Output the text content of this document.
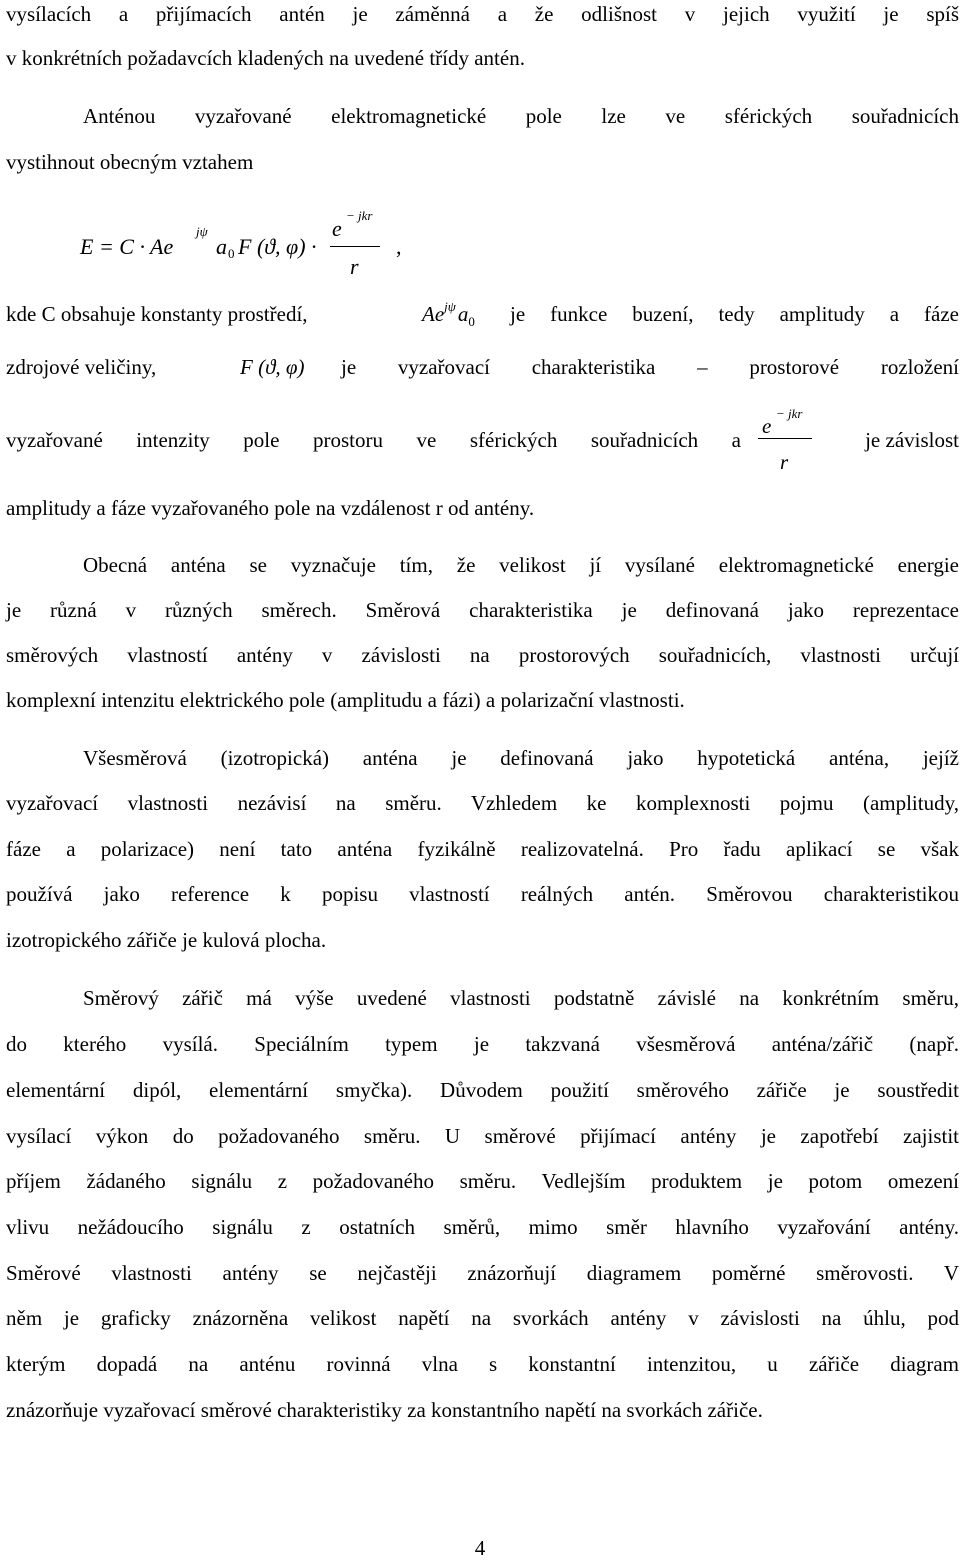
vysílacích a přijímacích antén je záměnná a že odlišnost v jejich využití je spíš
v konkrétních požadavcích kladených na uvedené třídy antén.
Anténou vyzařované elektromagnetické pole lze ve sférických souřadnicích
vystihnout obecným vztahem
E = C · Ae
jψ
a 0 F (ϑ, φ) ·
e
− jkr
r
,
kde C obsahuje konstanty prostředí,	$Ae^{j\psi}a_0$ je funkce buzení, tedy amplitudy a fáze
zdrojové veličiny,	F (ϑ, φ) je vyzařovací charakteristika – prostorové rozložení
vyzařované intenzity pole prostoru ve sférických souřadnicích a
e
− jkr
r
je závislost
amplitudy a fáze vyzařovaného pole na vzdálenost r od antény.
Obecná anténa se vyznačuje tím, že velikost jí vysílané elektromagnetické energie
je různá v různých směrech. Směrová charakteristika je definovaná jako reprezentace
směrových vlastností antény v závislosti na prostorových souřadnicích, vlastnosti určují
komplexní intenzitu elektrického pole (amplitudu a fázi) a polarizační vlastnosti.
Všesměrová (izotropická) anténa je definovaná jako hypotetická anténa, jejíž
vyzařovací vlastnosti nezávisí na směru. Vzhledem ke komplexnosti pojmu (amplitudy,
fáze a polarizace) není tato anténa fyzikálně realizovatelná. Pro řadu aplikací se však
používá jako reference k popisu vlastností reálných antén. Směrovou charakteristikou
izotropického zářiče je kulová plocha.
Směrový zářič má výše uvedené vlastnosti podstatně závislé na konkrétním směru,
do kterého vysílá. Speciálním typem je takzvaná všesměrová anténa/zářič (např.
elementární dipól, elementární smyčka). Důvodem použití směrového zářiče je soustředit
vysílací výkon do požadovaného směru. U směrové přijímací antény je zapotřebí zajistit
příjem žádaného signálu z požadovaného směru. Vedlejším produktem je potom omezení
vlivu nežádoucího signálu z ostatních směrů, mimo směr hlavního vyzařování antény.
Směrové vlastnosti antény se nejčastěji znázorňují diagramem poměrné směrovosti. V
něm je graficky znázorněna velikost napětí na svorkách antény v závislosti na úhlu, pod
kterým dopadá na anténu rovinná vlna s konstantní intenzitou, u zářiče diagram
znázorňuje vyzařovací směrové charakteristiky za konstantního napětí na svorkách zářiče.
4
